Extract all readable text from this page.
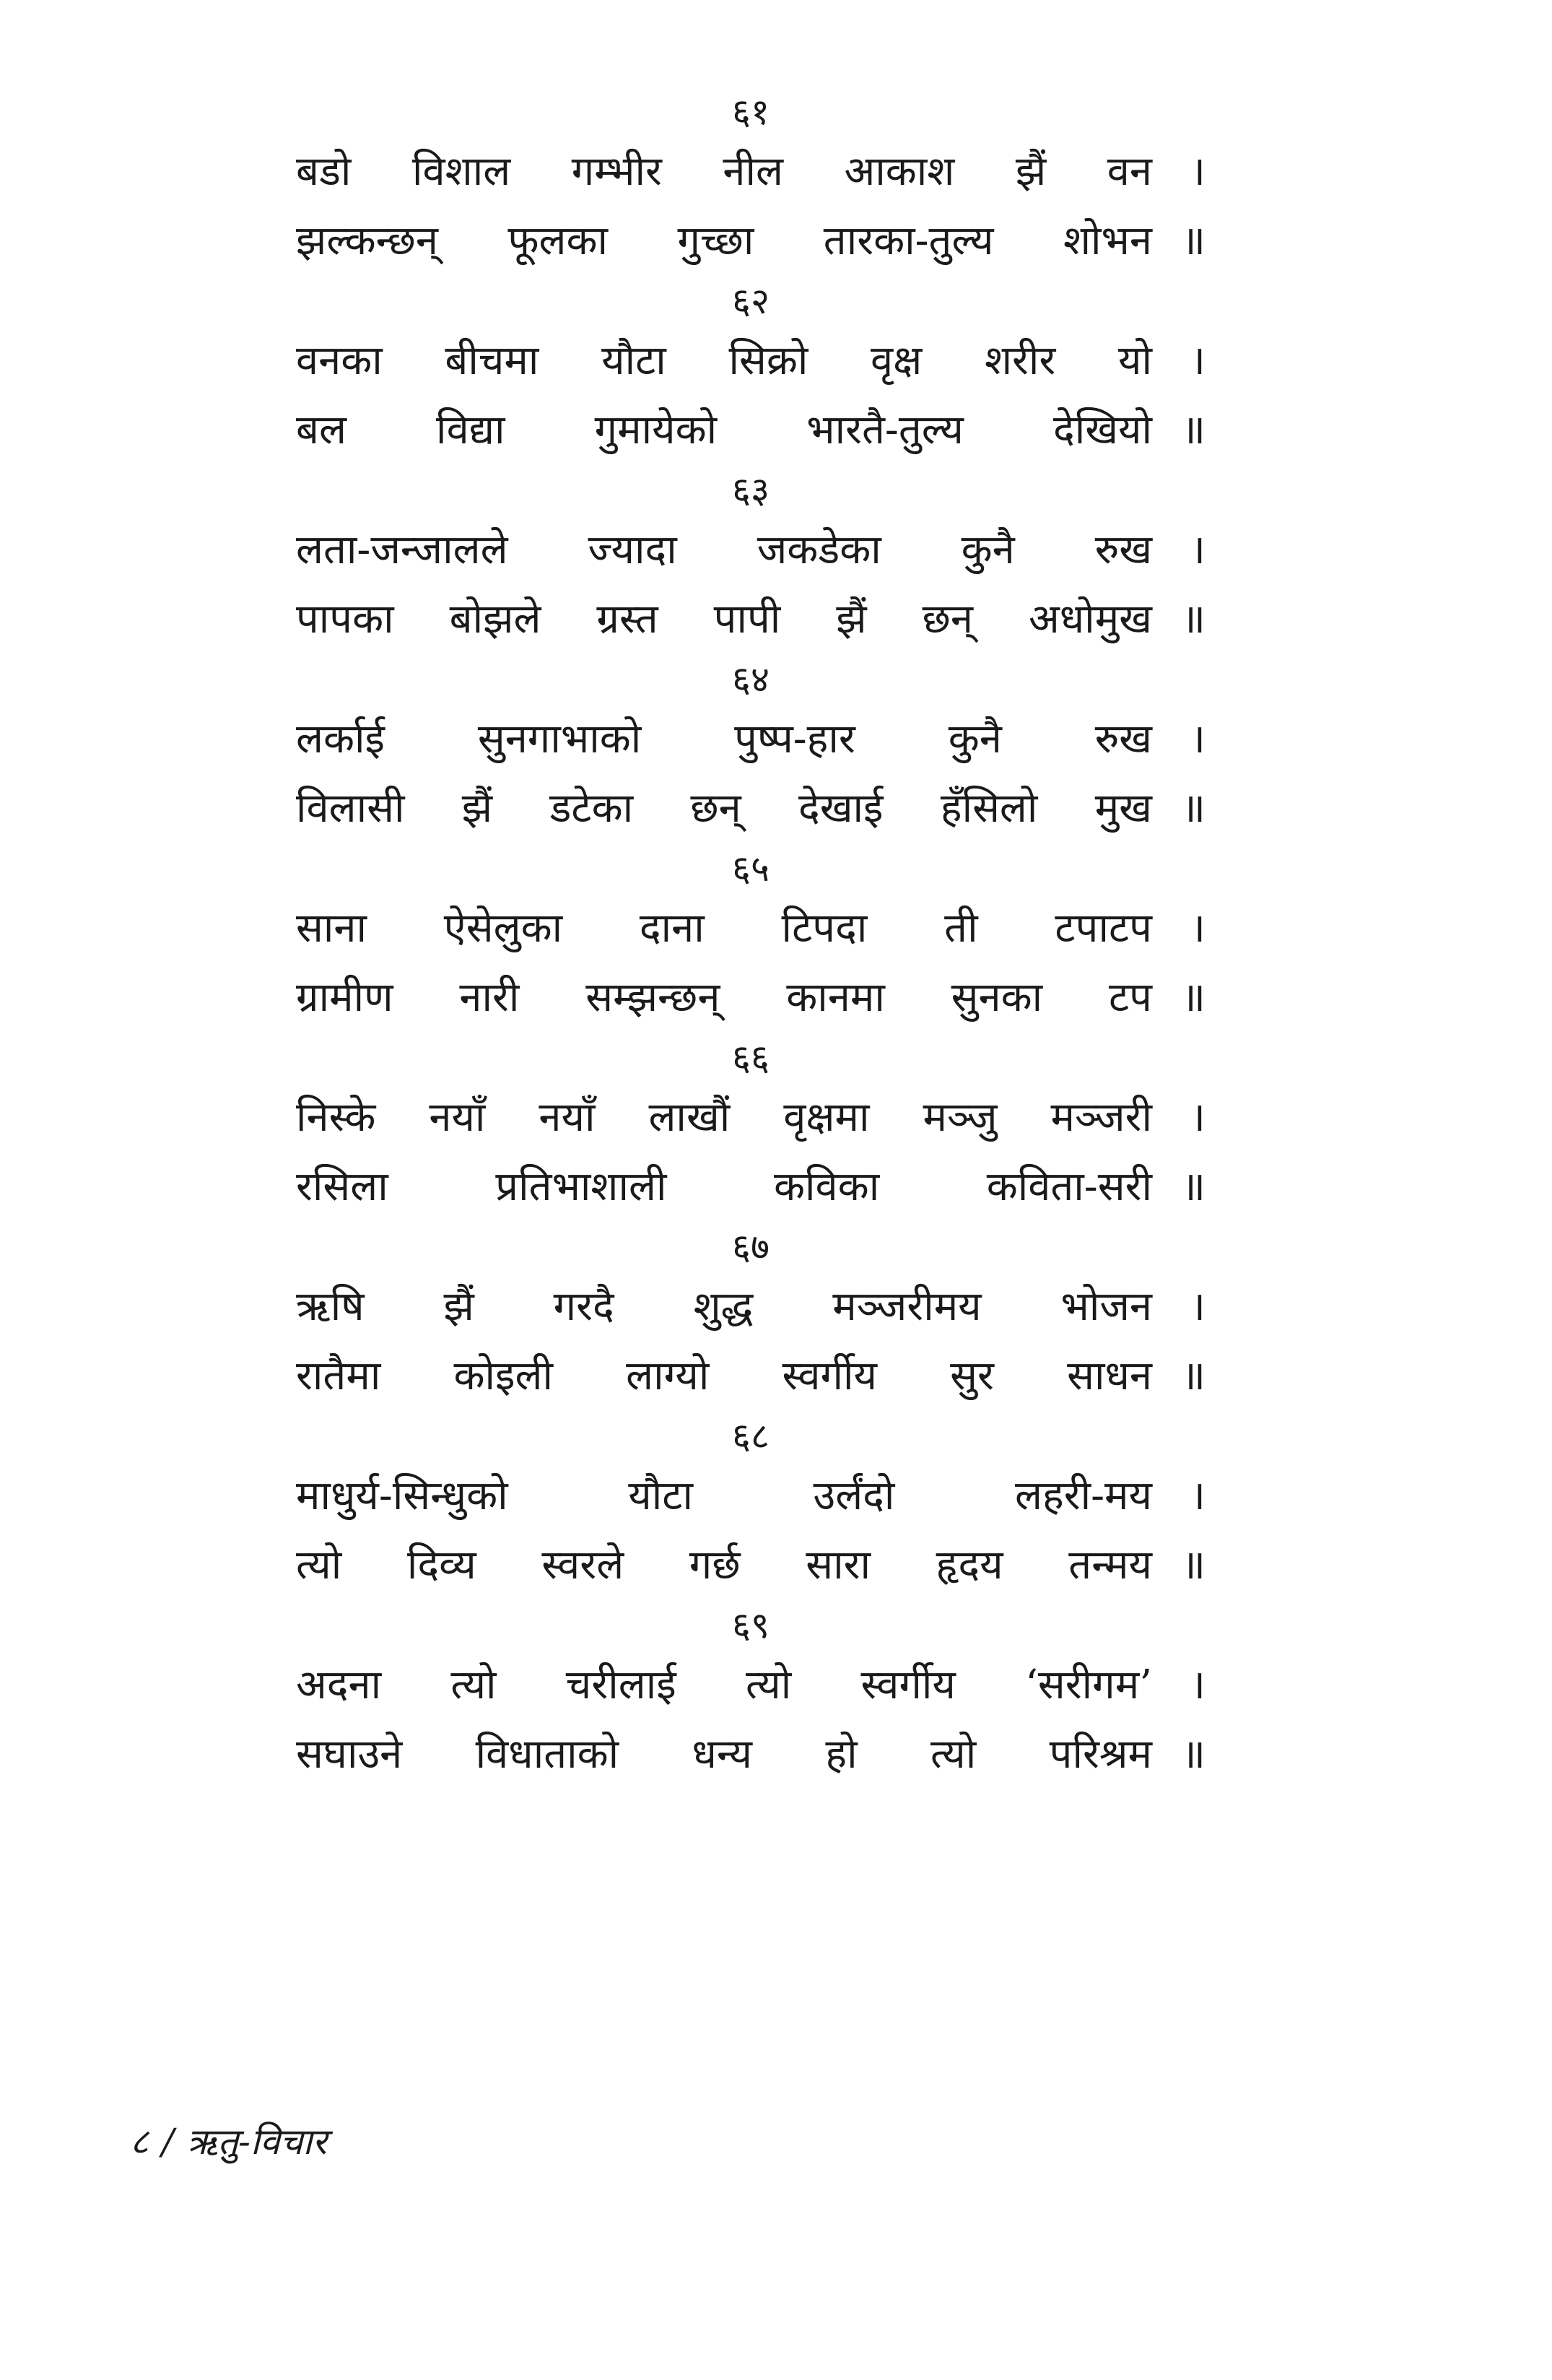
६१
बडो विशाल गम्भीर नील आकाश झैं वन ।
झल्कन्छन् फूलका गुच्छा तारका-तुल्य शोभन ॥
६२
वनका बीचमा यौटा सिक्रो वृक्ष शरीर यो ।
बल विद्या गुमायेको भारतै-तुल्य देखियो ॥
६३
लता-जन्जालले ज्यादा जकडेका कुनै रुख ।
पापका बोझले ग्रस्त पापी झैं छन् अधोमुख ॥
६४
लर्काई सुनगाभाको पुष्प-हार कुनै रुख ।
विलासी झैं डटेका छन् देखाई हँसिलो मुख ॥
६५
साना ऐसेलुका दाना टिपदा ती टपाटप ।
ग्रामीण नारी सम्झन्छन् कानमा सुनका टप ॥
६६
निस्के नयाँ नयाँ लाखौं वृक्षमा मञ्जु मञ्जरी ।
रसिला प्रतिभाशाली कविका कविता-सरी ॥
६७
ऋषि झैं गरदै शुद्ध मञ्जरीमय भोजन ।
रातैमा कोइली लाग्यो स्वर्गीय सुर साधन ॥
६८
माधुर्य-सिन्धुको यौटा उर्लंदो लहरी-मय ।
त्यो दिव्य स्वरले गर्छ सारा हृदय तन्मय ॥
६९
अदना त्यो चरीलाई त्यो स्वर्गीय ‘सरीगम’ ।
सघाउने विधाताको धन्य हो त्यो परिश्रम ॥
८ / ऋतु-विचार
